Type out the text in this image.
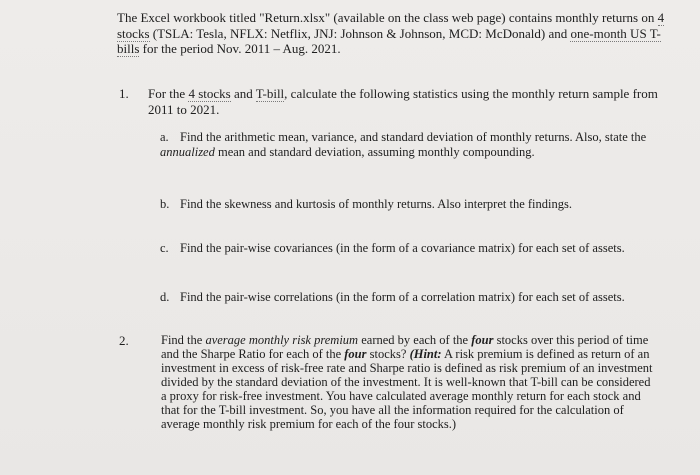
The Excel workbook titled "Return.xlsx" (available on the class web page) contains monthly returns on 4 stocks (TSLA: Tesla, NFLX: Netflix, JNJ: Johnson & Johnson, MCD: McDonald) and one-month US T-bills for the period Nov. 2011 – Aug. 2021.
1. For the 4 stocks and T-bill, calculate the following statistics using the monthly return sample from 2011 to 2021.
a. Find the arithmetic mean, variance, and standard deviation of monthly returns. Also, state the annualized mean and standard deviation, assuming monthly compounding.
b. Find the skewness and kurtosis of monthly returns. Also interpret the findings.
c. Find the pair-wise covariances (in the form of a covariance matrix) for each set of assets.
d. Find the pair-wise correlations (in the form of a correlation matrix) for each set of assets.
2.	Find the average monthly risk premium earned by each of the four stocks over this period of time and the Sharpe Ratio for each of the four stocks? (Hint: A risk premium is defined as return of an investment in excess of risk-free rate and Sharpe ratio is defined as risk premium of an investment divided by the standard deviation of the investment. It is well-known that T-bill can be considered a proxy for risk-free investment. You have calculated average monthly return for each stock and that for the T-bill investment. So, you have all the information required for the calculation of average monthly risk premium for each of the four stocks.)
